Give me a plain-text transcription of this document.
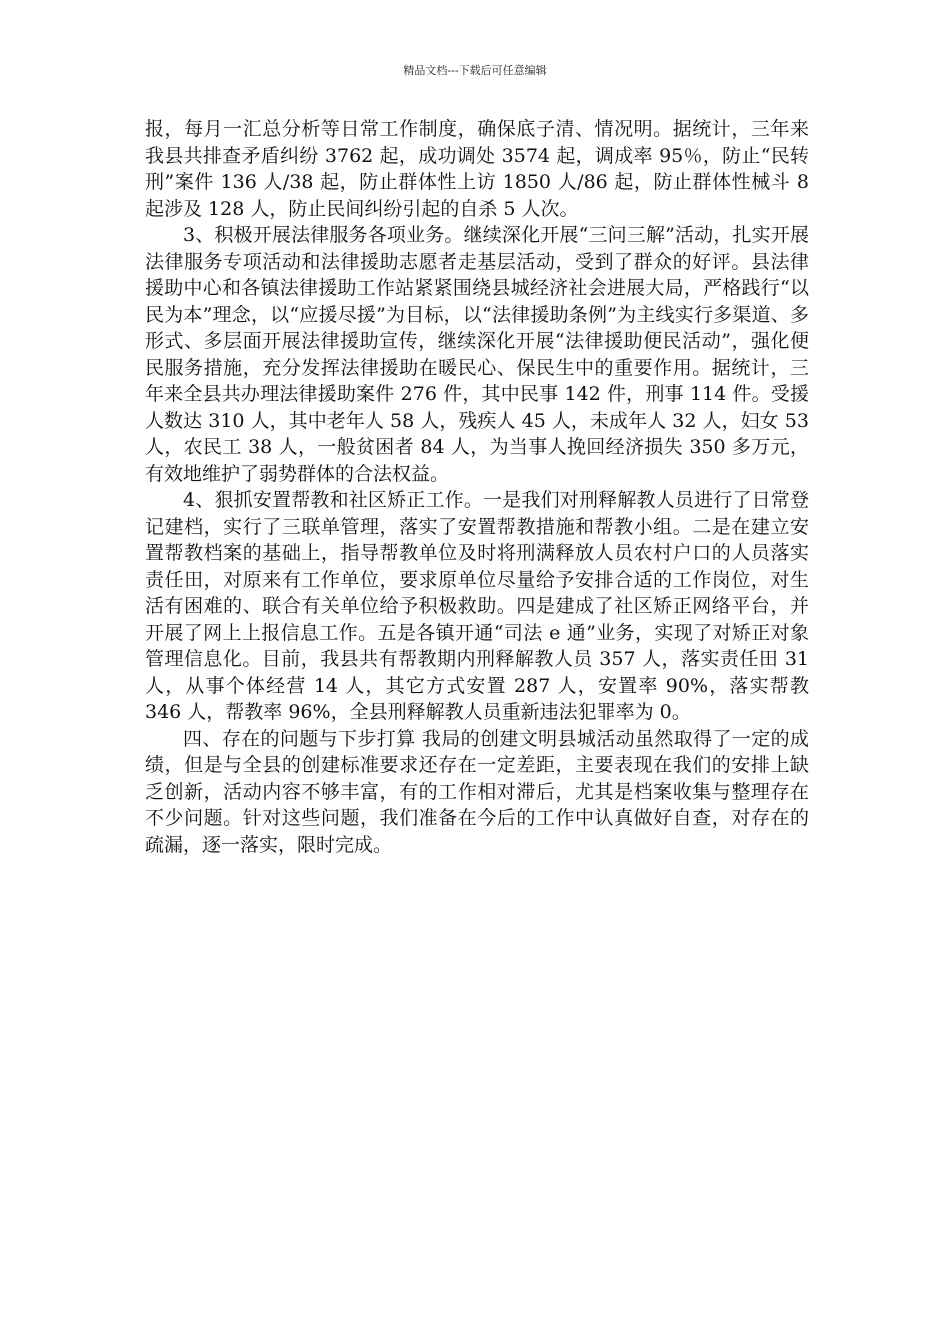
精品文档---下载后可任意编辑

报，每月一汇总分析等日常工作制度，确保底子清、情况明。据统计，三年来我县共排查矛盾纠纷 3762 起，成功调处 3574 起，调成率 95％，防止“民转刑”案件 136 人/38 起，防止群体性上访 1850 人/86 起，防止群体性械斗 8 起涉及 128 人，防止民间纠纷引起的自杀 5 人次。

3、积极开展法律服务各项业务。继续深化开展“三问三解”活动，扎实开展法律服务专项活动和法律援助志愿者走基层活动，受到了群众的好评。县法律援助中心和各镇法律援助工作站紧紧围绕县城经济社会进展大局，严格践行“以民为本”理念，以“应援尽援”为目标，以“法律援助条例”为主线实行多渠道、多形式、多层面开展法律援助宣传，继续深化开展“法律援助便民活动”，强化便民服务措施，充分发挥法律援助在暖民心、保民生中的重要作用。据统计，三年来全县共办理法律援助案件 276 件，其中民事 142 件，刑事 114 件。受援人数达 310 人，其中老年人 58 人，残疾人 45 人，未成年人 32 人，妇女 53 人，农民工 38 人，一般贫困者 84 人，为当事人挽回经济损失 350 多万元，有效地维护了弱势群体的合法权益。

4、狠抓安置帮教和社区矫正工作。一是我们对刑释解教人员进行了日常登记建档，实行了三联单管理，落实了安置帮教措施和帮教小组。二是在建立安置帮教档案的基础上，指导帮教单位及时将刑满释放人员农村户口的人员落实责任田，对原来有工作单位，要求原单位尽量给予安排合适的工作岗位，对生活有困难的、联合有关单位给予积极救助。四是建成了社区矫正网络平台，并开展了网上上报信息工作。五是各镇开通“司法 e 通”业务，实现了对矫正对象管理信息化。目前，我县共有帮教期内刑释解教人员 357 人，落实责任田 31 人，从事个体经营 14 人，其它方式安置 287 人，安置率 90%，落实帮教 346 人，帮教率 96%，全县刑释解教人员重新违法犯罪率为 0。

四、存在的问题与下步打算 我局的创建文明县城活动虽然取得了一定的成绩，但是与全县的创建标准要求还存在一定差距，主要表现在我们的安排上缺乏创新，活动内容不够丰富，有的工作相对滞后，尤其是档案收集与整理存在不少问题。针对这些问题，我们准备在今后的工作中认真做好自查，对存在的疏漏，逐一落实，限时完成。
